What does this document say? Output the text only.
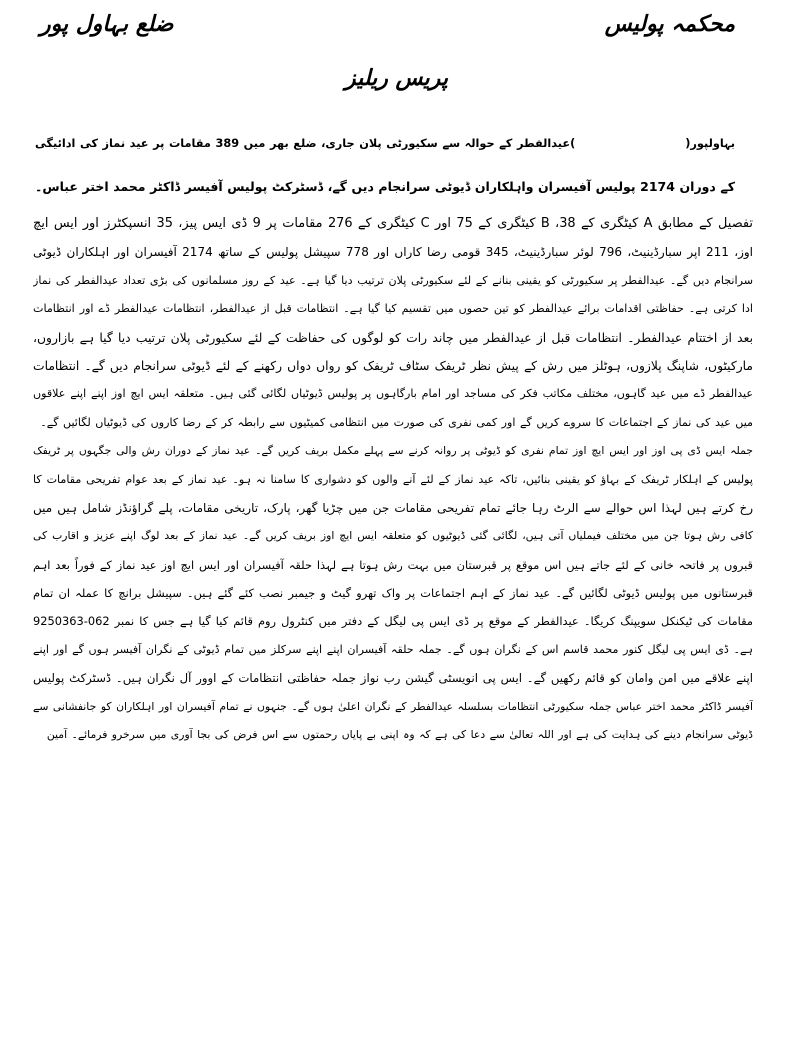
محکمہ پولیس
ضلع بہاول پور
پریس ریلیز
بہاولپور()عیدالفطر کے حوالہ سے سکیورٹی پلان جاری، ضلع بھر میں 389 مقامات پر عید نماز کی ادائیگی
کے دوران 2174 پولیس آفیسران واہلکاران ڈیوٹی سرانجام دیں گے، ڈسٹرکٹ پولیس آفیسر ڈاکٹر محمد اختر عباس۔
تفصیل کے مطابق A کیٹگری کے 38، B کیٹگری کے 75 اور C کیٹگری کے 276 مقامات پر 9 ڈی ایس پیز، 35 انسپکٹرز اور ایس ایچ
اوز، 211 اپر سبارڈینیٹ، 796 لوئر سبارڈینیٹ، 345 قومی رضا کاراں اور 778 سپیشل پولیس کے ساتھ 2174 آفیسران اور اہلکاران ڈیوٹی
سرانجام دیں گے۔ عیدالفطر پر سکیورٹی کو یقینی بنانے کے لئے سکیورٹی پلان ترتیب دیا گیا ہے۔ عید کے روز مسلمانوں کی بڑی تعداد عیدالفطر کی نماز
ادا کرتی ہے۔ حفاظتی اقدامات برائے عیدالفطر کو تین حصوں میں تقسیم کیا گیا ہے۔ انتظامات قبل از عیدالفطر، انتظامات عیدالفطر ڈے اور انتظامات
بعد از اختتام عیدالفطر۔ انتظامات قبل از عیدالفطر میں چاند رات کو لوگوں کی حفاظت کے لئے سکیورٹی پلان ترتیب دیا گیا ہے بازاروں،
مارکیٹوں، شاپنگ پلازوں، ہوٹلز میں رش کے پیش نظر ٹریفک سٹاف ٹریفک کو رواں دواں رکھنے کے لئے ڈیوٹی سرانجام دیں گے۔ انتظامات
عیدالفطر ڈے میں عید گاہوں، مختلف مکاتب فکر کی مساجد اور امام بارگاہوں پر پولیس ڈیوٹیاں لگائی گئی ہیں۔ متعلقہ ایس ایچ اوز اپنے اپنے علاقوں
میں عید کی نماز کے اجتماعات کا سروے کریں گے اور کمی نفری کی صورت میں انتظامی کمیٹیوں سے رابطہ کر کے رضا کاروں کی ڈیوٹیاں لگائیں گے۔
جملہ ایس ڈی پی اوز اور ایس ایچ اوز تمام نفری کو ڈیوٹی پر روانہ کرنے سے پہلے مکمل بریف کریں گے۔ عید نماز کے دوران رش والی جگہوں پر ٹریفک
پولیس کے اہلکار ٹریفک کے بہاؤ کو یقینی بنائیں، تاکہ عید نماز کے لئے آنے والوں کو دشواری کا سامنا نہ ہو۔ عید نماز کے بعد عوام تفریحی مقامات کا
رخ کرتے ہیں لہذا اس حوالے سے الرٹ رہا جائے تمام تفریحی مقامات جن میں چڑیا گھر، پارک، تاریخی مقامات، پلے گراؤنڈز شامل ہیں میں
کافی رش ہوتا جن میں مختلف فیملیاں آتی ہیں، لگائی گئی ڈیوٹیوں کو متعلقہ ایس ایچ اوز بریف کریں گے۔ عید نماز کے بعد لوگ اپنے عزیز و اقارب کی
قبروں پر فاتحہ خانی کے لئے جاتے ہیں اس موقع پر قبرستان میں بہت رش ہوتا ہے لہذا حلقہ آفیسران اور ایس ایچ اوز عید نماز کے فوراً بعد اہم
قبرستانوں میں پولیس ڈیوٹی لگائیں گے۔ عید نماز کے اہم اجتماعات پر واک تھرو گیٹ و جیمبر نصب کئے گئے ہیں۔ سپیشل برانچ کا عملہ ان تمام
مقامات کی ٹیکنکل سویپنگ کریگا۔ عیدالفطر کے موقع پر ڈی ایس پی لیگل کے دفتر میں کنٹرول روم قائم کیا گیا ہے جس کا نمبر 062-9250363
ہے۔ ڈی ایس پی لیگل کنور محمد قاسم اس کے نگران ہوں گے۔ جملہ حلقہ آفیسران اپنے اپنے سرکلز میں تمام ڈیوٹی کے نگران آفیسر ہوں گے اور اپنے
اپنے علاقے میں امن وامان کو قائم رکھیں گے۔ ایس پی انویسٹی گیشن رب نواز جملہ حفاظتی انتظامات کے اوور آل نگران ہیں۔ ڈسٹرکٹ پولیس
آفیسر ڈاکٹر محمد اختر عباس جملہ سکیورٹی انتظامات بسلسلہ عیدالفطر کے نگران اعلیٰ ہوں گے۔ جنہوں نے تمام آفیسران اور اہلکاران کو جانفشانی سے
ڈیوٹی سرانجام دینے کی ہدایت کی ہے اور اللہ تعالیٰ سے دعا کی ہے کہ وہ اپنی بے پایاں رحمتوں سے اس فرض کی بجا آوری میں سرخرو فرمائے۔ آمین
